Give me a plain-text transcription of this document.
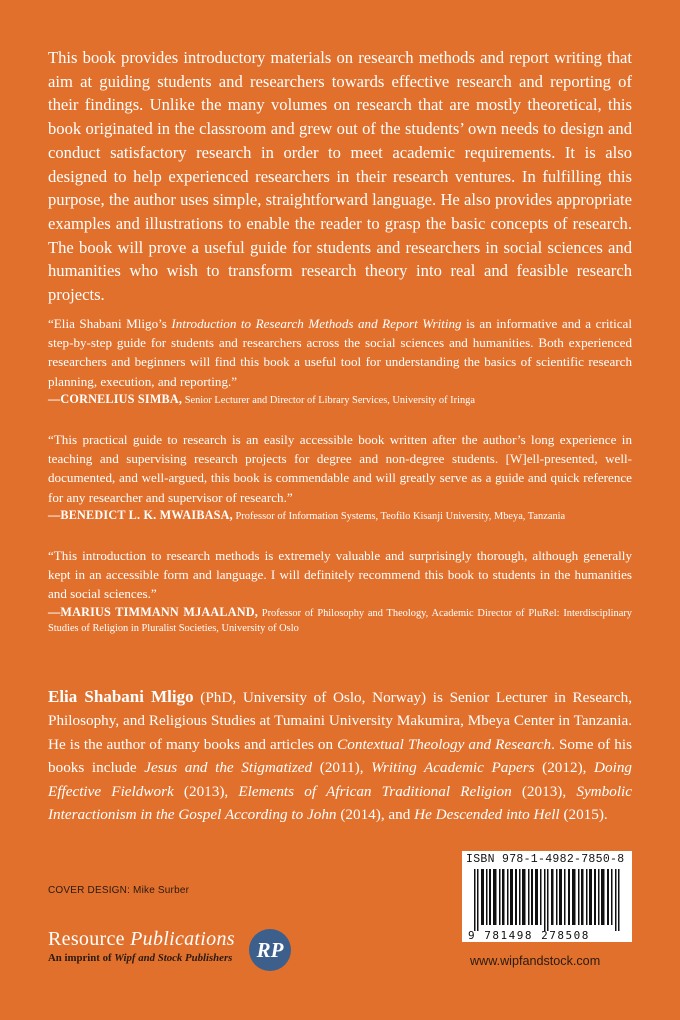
This book provides introductory materials on research methods and report writing that aim at guiding students and researchers towards effective research and reporting of their findings. Unlike the many volumes on research that are mostly theoretical, this book originated in the classroom and grew out of the students’ own needs to design and conduct satisfactory research in order to meet academic requirements. It is also designed to help experienced researchers in their research ventures. In fulfilling this purpose, the author uses simple, straightforward language. He also provides appropriate examples and illustrations to enable the reader to grasp the basic concepts of research. The book will prove a useful guide for students and researchers in social sciences and humanities who wish to transform research theory into real and feasible research projects.

“Elia Shabani Mligo’s Introduction to Research Methods and Report Writing is an informative and a critical step-by-step guide for students and researchers across the social sciences and humanities. Both experienced researchers and beginners will find this book a useful tool for understanding the basics of scientific research planning, execution, and reporting.”

—CORNELIUS SIMBA, Senior Lecturer and Director of Library Services, University of Iringa

“This practical guide to research is an easily accessible book written after the author’s long experience in teaching and supervising research projects for degree and non-degree students. [W]ell-presented, well-documented, and well-argued, this book is commendable and will greatly serve as a guide and quick reference for any researcher and supervisor of research.”

—BENEDICT L. K. MWAIBASA, Professor of Information Systems, Teofilo Kisanji University, Mbeya, Tanzania

“This introduction to research methods is extremely valuable and surprisingly thorough, although generally kept in an accessible form and language. I will definitely recommend this book to students in the humanities and social sciences.”

—MARIUS TIMMANN MJAALAND, Professor of Philosophy and Theology, Academic Director of PluRel: Interdisciplinary Studies of Religion in Pluralist Societies, University of Oslo

Elia Shabani Mligo (PhD, University of Oslo, Norway) is Senior Lecturer in Research, Philosophy, and Religious Studies at Tumaini University Makumira, Mbeya Center in Tanzania. He is the author of many books and articles on Contextual Theology and Research. Some of his books include Jesus and the Stigmatized (2011), Writing Academic Papers (2012), Doing Effective Fieldwork (2013), Elements of African Traditional Religion (2013), Symbolic Interactionism in the Gospel According to John (2014), and He Descended into Hell (2015).

COVER DESIGN: Mike Surber
Resource Publications
An imprint of Wipf and Stock Publishers RP
ISBN 978-1-4982-7850-8
9 781498 278508
www.wipfandstock.com
